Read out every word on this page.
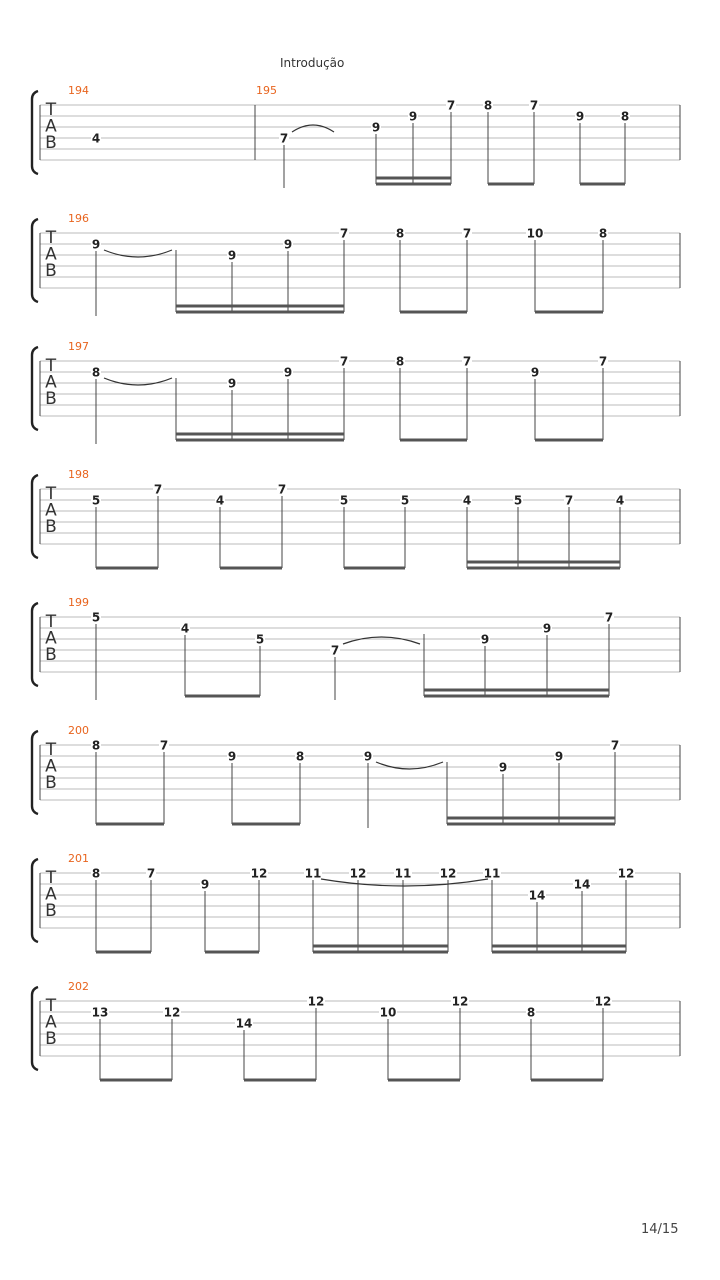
Introdução
T
A
B
194
4
195
7
9
9
7 8	7
9	8
T
A
B
196
9
9
9
7	8	7	10	8
T
A
B
197
8
9
9
7	8	7
9
7
T
A
B
198
5
7
4
7
5	5	4	5	7	4
T
A
B
199
5
4
5
7
9
9
7
T
A
B
200
8	7
9	8	9
9
9
7
T
A
B
201
8	7
9
12	11 12 11 12 11
14
14
12
T
A
B
202
13	12
14
12
10
12
8
12
14/15
